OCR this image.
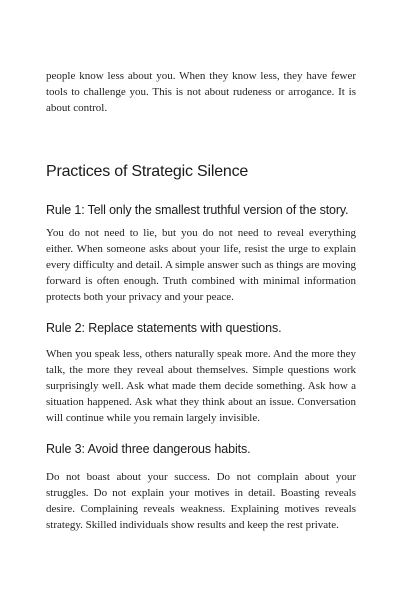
people know less about you. When they know less, they have fewer tools to challenge you. This is not about rudeness or arrogance. It is about control.

Practices of Strategic Silence
Rule 1: Tell only the smallest truthful version of the story.

You do not need to lie, but you do not need to reveal everything either. When someone asks about your life, resist the urge to explain every difficulty and detail. A simple answer such as things are moving forward is often enough. Truth combined with minimal information protects both your privacy and your peace.

Rule 2: Replace statements with questions.

When you speak less, others naturally speak more. And the more they talk, the more they reveal about themselves. Simple questions work surprisingly well. Ask what made them decide something. Ask how a situation happened. Ask what they think about an issue. Conversation will continue while you remain largely invisible.

Rule 3: Avoid three dangerous habits.

Do not boast about your success. Do not complain about your struggles. Do not explain your motives in detail. Boasting reveals desire. Complaining reveals weakness. Explaining motives reveals strategy. Skilled individuals show results and keep the rest private.
